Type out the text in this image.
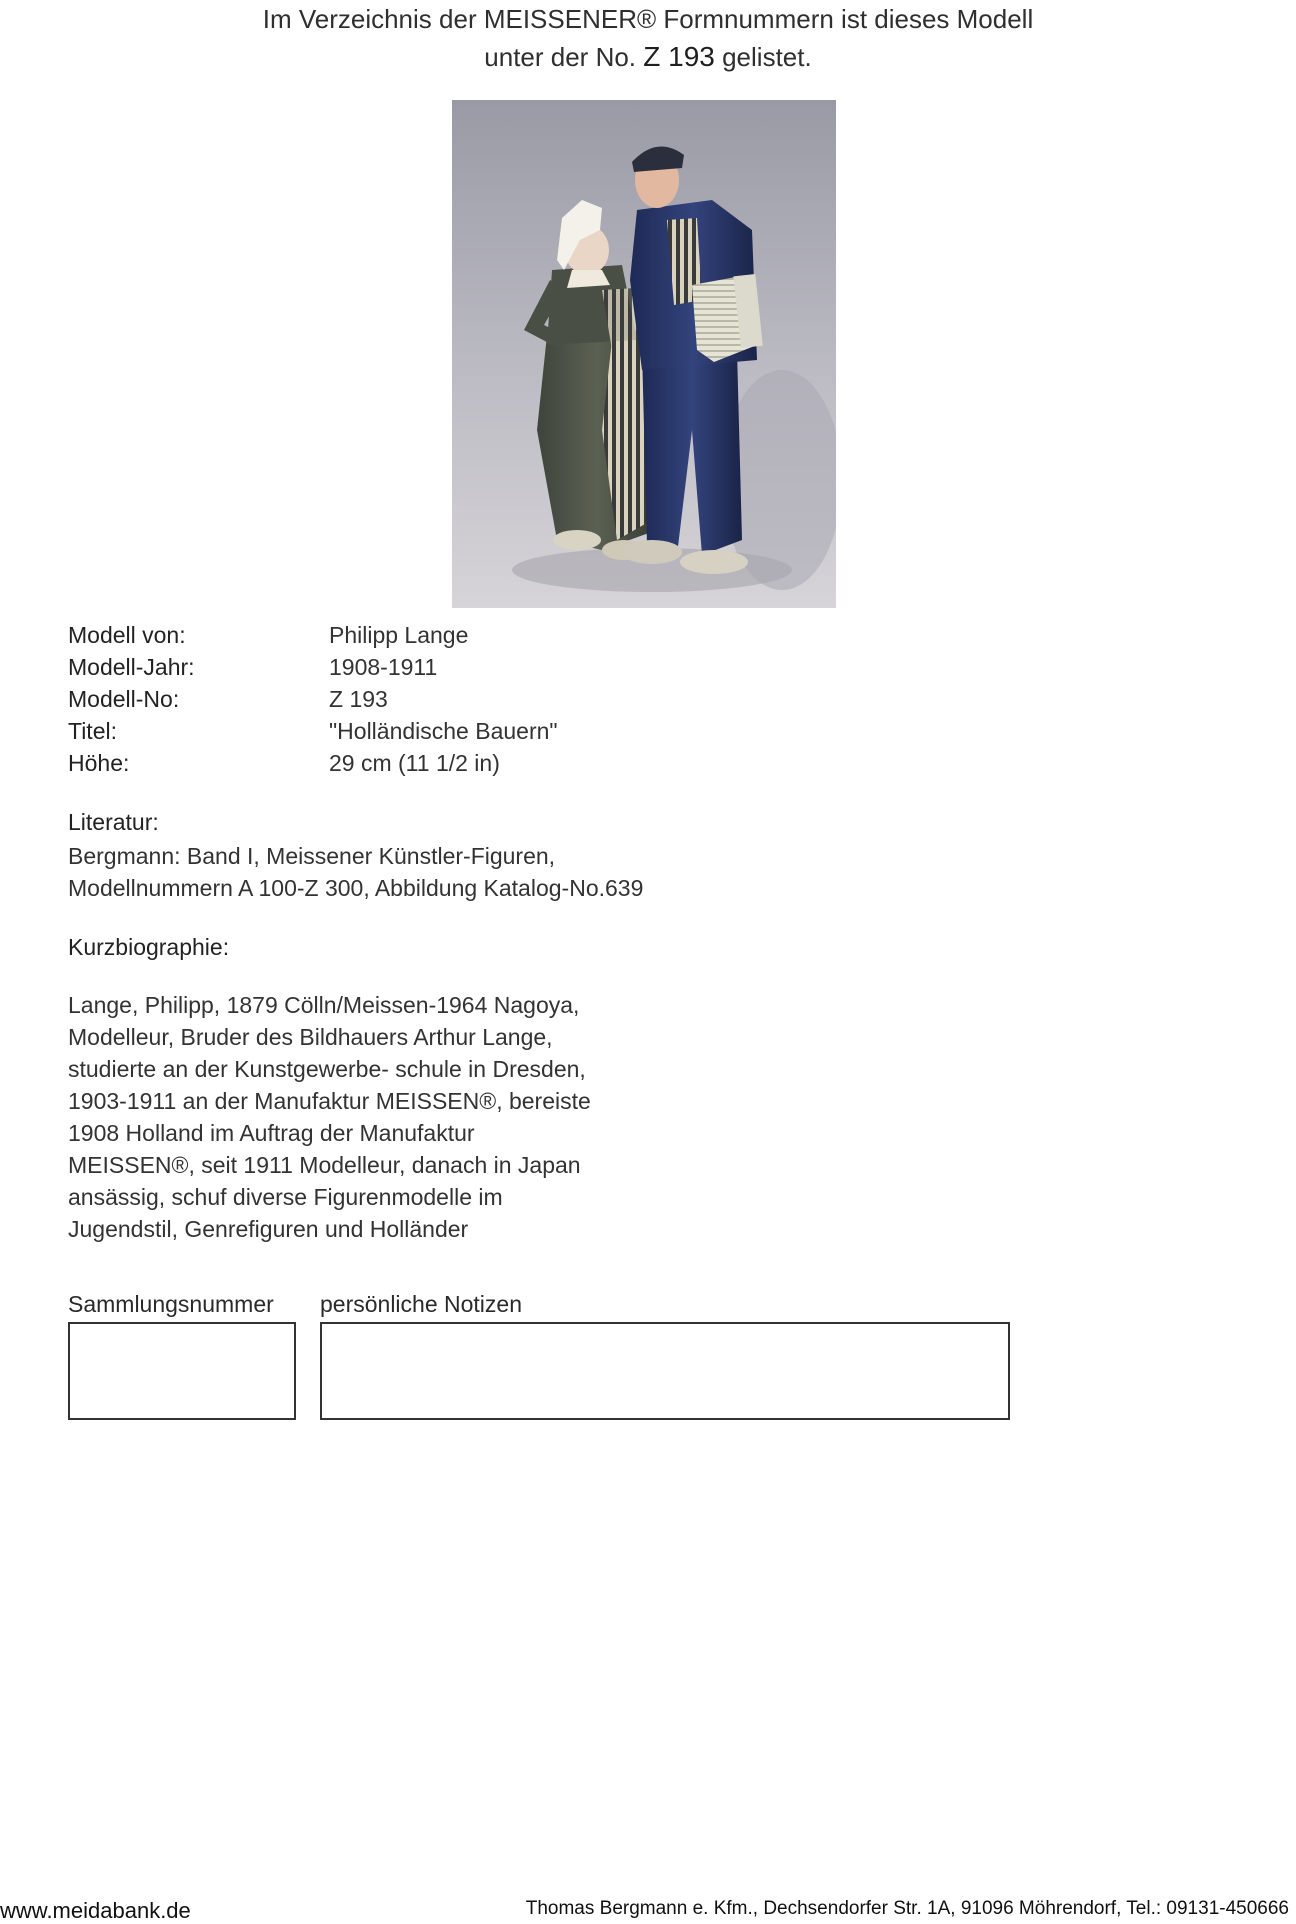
Im Verzeichnis der MEISSENER® Formnummern ist dieses Modell
unter der No. Z 193 gelistet.
Modell von:	Philipp Lange
Modell-Jahr:	1908-1911
Modell-No:	Z 193
Titel:	"Holländische Bauern"
Höhe:	29 cm (11 1/2 in)
Literatur:
Bergmann: Band I, Meissener Künstler-Figuren,
Modellnummern A 100-Z 300, Abbildung Katalog-No.639
Kurzbiographie:
Lange, Philipp, 1879 Cölln/Meissen-1964 Nagoya,
Modelleur, Bruder des Bildhauers Arthur Lange,
studierte an der Kunstgewerbe- schule in Dresden,
1903-1911 an der Manufaktur MEISSEN®, bereiste
1908 Holland im Auftrag der Manufaktur
MEISSEN®, seit 1911 Modelleur, danach in Japan
ansässig, schuf diverse Figurenmodelle im
Jugendstil, Genrefiguren und Holländer
Sammlungsnummer persönliche Notizen
www.meidabank.de	Thomas Bergmann e. Kfm., Dechsendorfer Str. 1A, 91096 Möhrendorf, Tel.: 09131-450666
